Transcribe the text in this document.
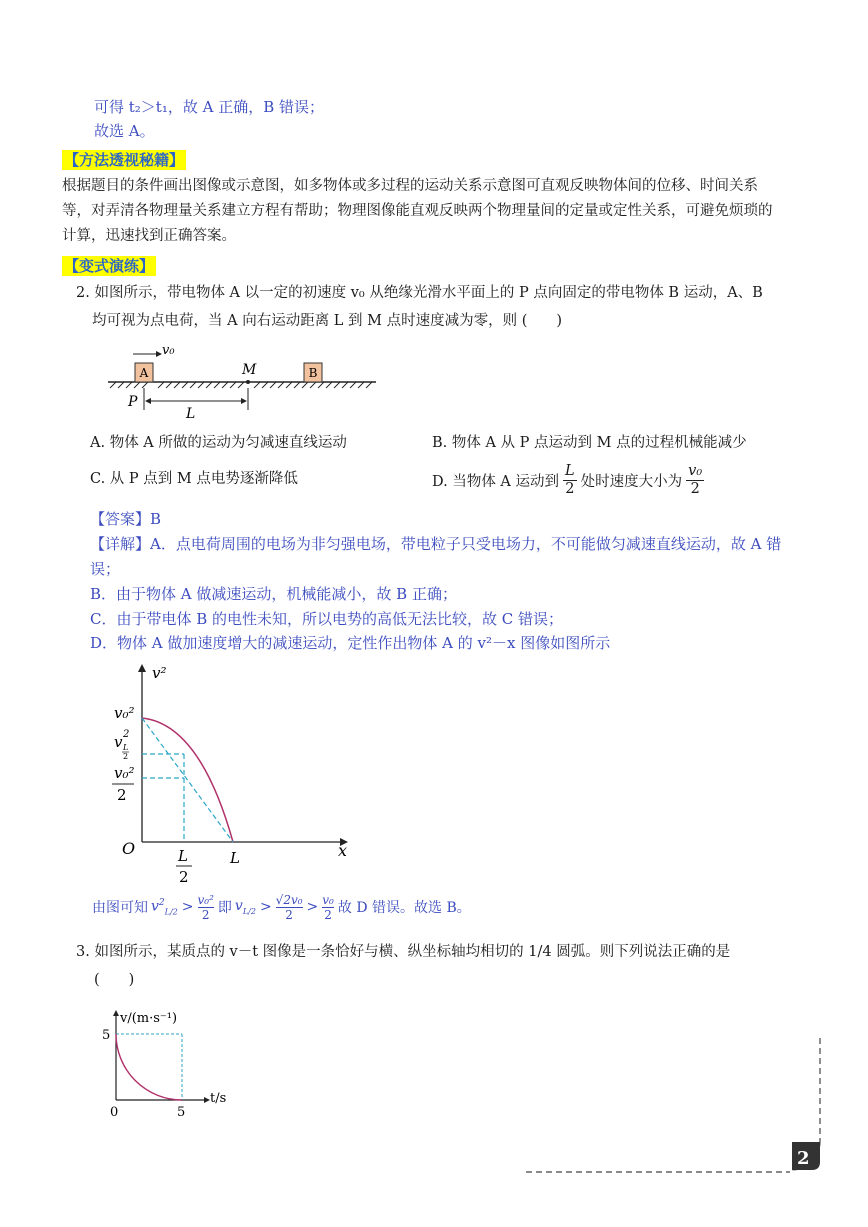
可得 t₂＞t₁，故 A 正确，B 错误；
故选 A。
【方法透视秘籍】
根据题目的条件画出图像或示意图，如多物体或多过程的运动关系示意图可直观反映物体间的位移、时间关系
等，对弄清各物理量关系建立方程有帮助；物理图像能直观反映两个物理量间的定量或定性关系，可避免烦琐的
计算，迅速找到正确答案。
【变式演练】
2. 如图所示，带电物体 A 以一定的初速度 v₀ 从绝缘光滑水平面上的 P 点向固定的带电物体 B 运动，A、B
均可视为点电荷，当 A 向右运动距离 L 到 M 点时速度减为零，则 (　　)
A	B
v₀
M
P
L
A. 物体 A 所做的运动为匀减速直线运动	B. 物体 A 从 P 点运动到 M 点的过程机械能减少
C. 从 P 点到 M 点电势逐渐降低	D. 当物体 A 运动到 $\frac{L}{2}$ 处时速度大小为 $\frac{\text{v₀}}{2}$
【答案】B
【详解】A．点电荷周围的电场为非匀强电场，带电粒子只受电场力，不可能做匀减速直线运动，故 A 错
误；
B．由于物体 A 做减速运动，机械能减小，故 B 正确；
C．由于带电体 B 的电性未知，所以电势的高低无法比较，故 C 错误；
D．物体 A 做加速度增大的减速运动，定性作出物体 A 的 v²－x 图像如图所示
v²
x
O
v₀²
v 2
L
2
v₀²
2
L
2
L
由图可知 $v^2_{L/2} > v_0^2$
2 即 $v_{L/2} > √2v_0$
2 > v₀
2 故 D 错误。故选 B。
3. 如图所示，某质点的 v－t 图像是一条恰好与横、纵坐标轴均相切的 1/4 圆弧。则下列说法正确的是
(　　)
v/(m·s⁻¹)
t/s
5
5
0
2
